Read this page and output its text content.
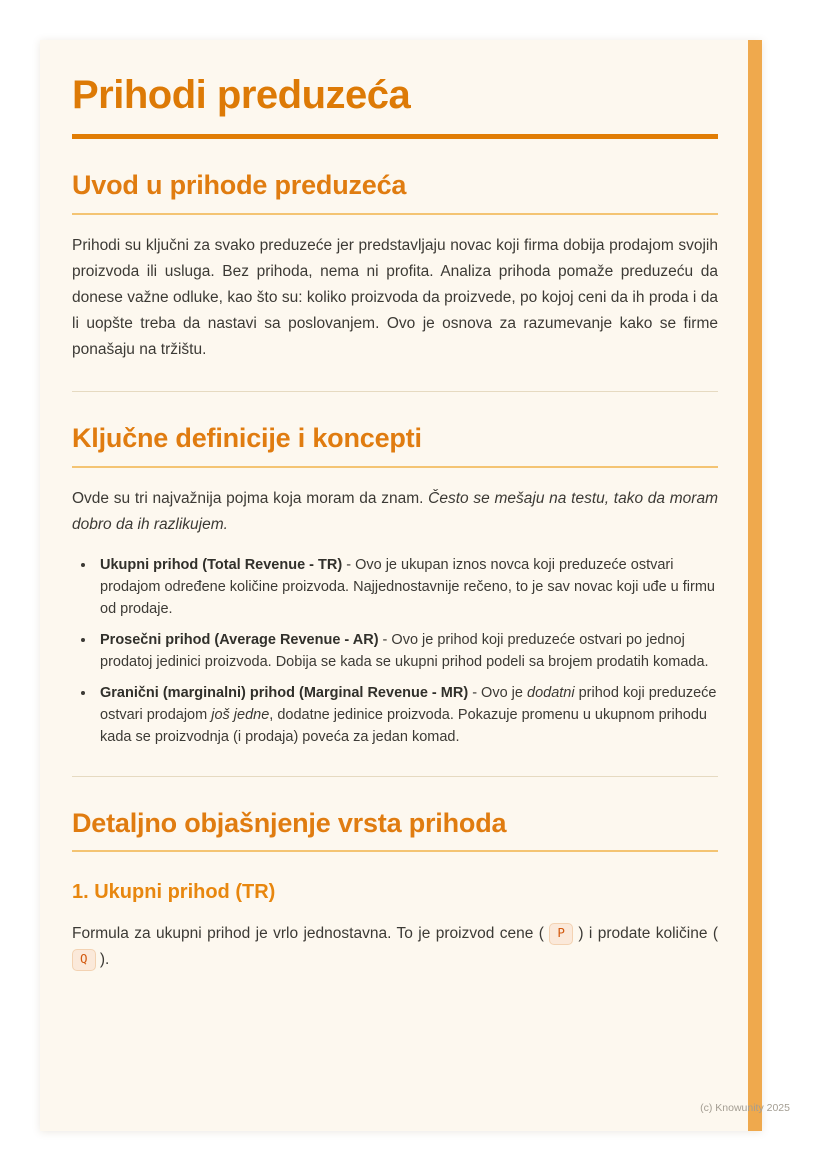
Prihodi preduzeća
Uvod u prihode preduzeća

Prihodi su ključni za svako preduzeće jer predstavljaju novac koji firma dobija prodajom svojih proizvoda ili usluga. Bez prihoda, nema ni profita. Analiza prihoda pomaže preduzeću da donese važne odluke, kao što su: koliko proizvoda da proizvede, po kojoj ceni da ih proda i da li uopšte treba da nastavi sa poslovanjem. Ovo je osnova za razumevanje kako se firme ponašaju na tržištu.

Ključne definicije i koncepti

Ovde su tri najvažnija pojma koja moram da znam. Često se mešaju na testu, tako da moram dobro da ih razlikujem.

• Ukupni prihod (Total Revenue - TR) - Ovo je ukupan iznos novca koji preduzeće ostvari prodajom određene količine proizvoda. Najjednostavnije rečeno, to je sav novac koji uđe u firmu od prodaje.
• Prosečni prihod (Average Revenue - AR) - Ovo je prihod koji preduzeće ostvari po jednoj prodatoj jedinici proizvoda. Dobija se kada se ukupni prihod podeli sa brojem prodatih komada.
• Granični (marginalni) prihod (Marginal Revenue - MR) - Ovo je dodatni prihod koji preduzeće ostvari prodajom još jedne, dodatne jedinice proizvoda. Pokazuje promenu u ukupnom prihodu kada se proizvodnja (i prodaja) poveća za jedan komad.
Detaljno objašnjenje vrsta prihoda
1. Ukupni prihod (TR)

Formula za ukupni prihod je vrlo jednostavna. To je proizvod cene ( P ) i prodate količine ( Q ).

(c) Knowunity 2025
